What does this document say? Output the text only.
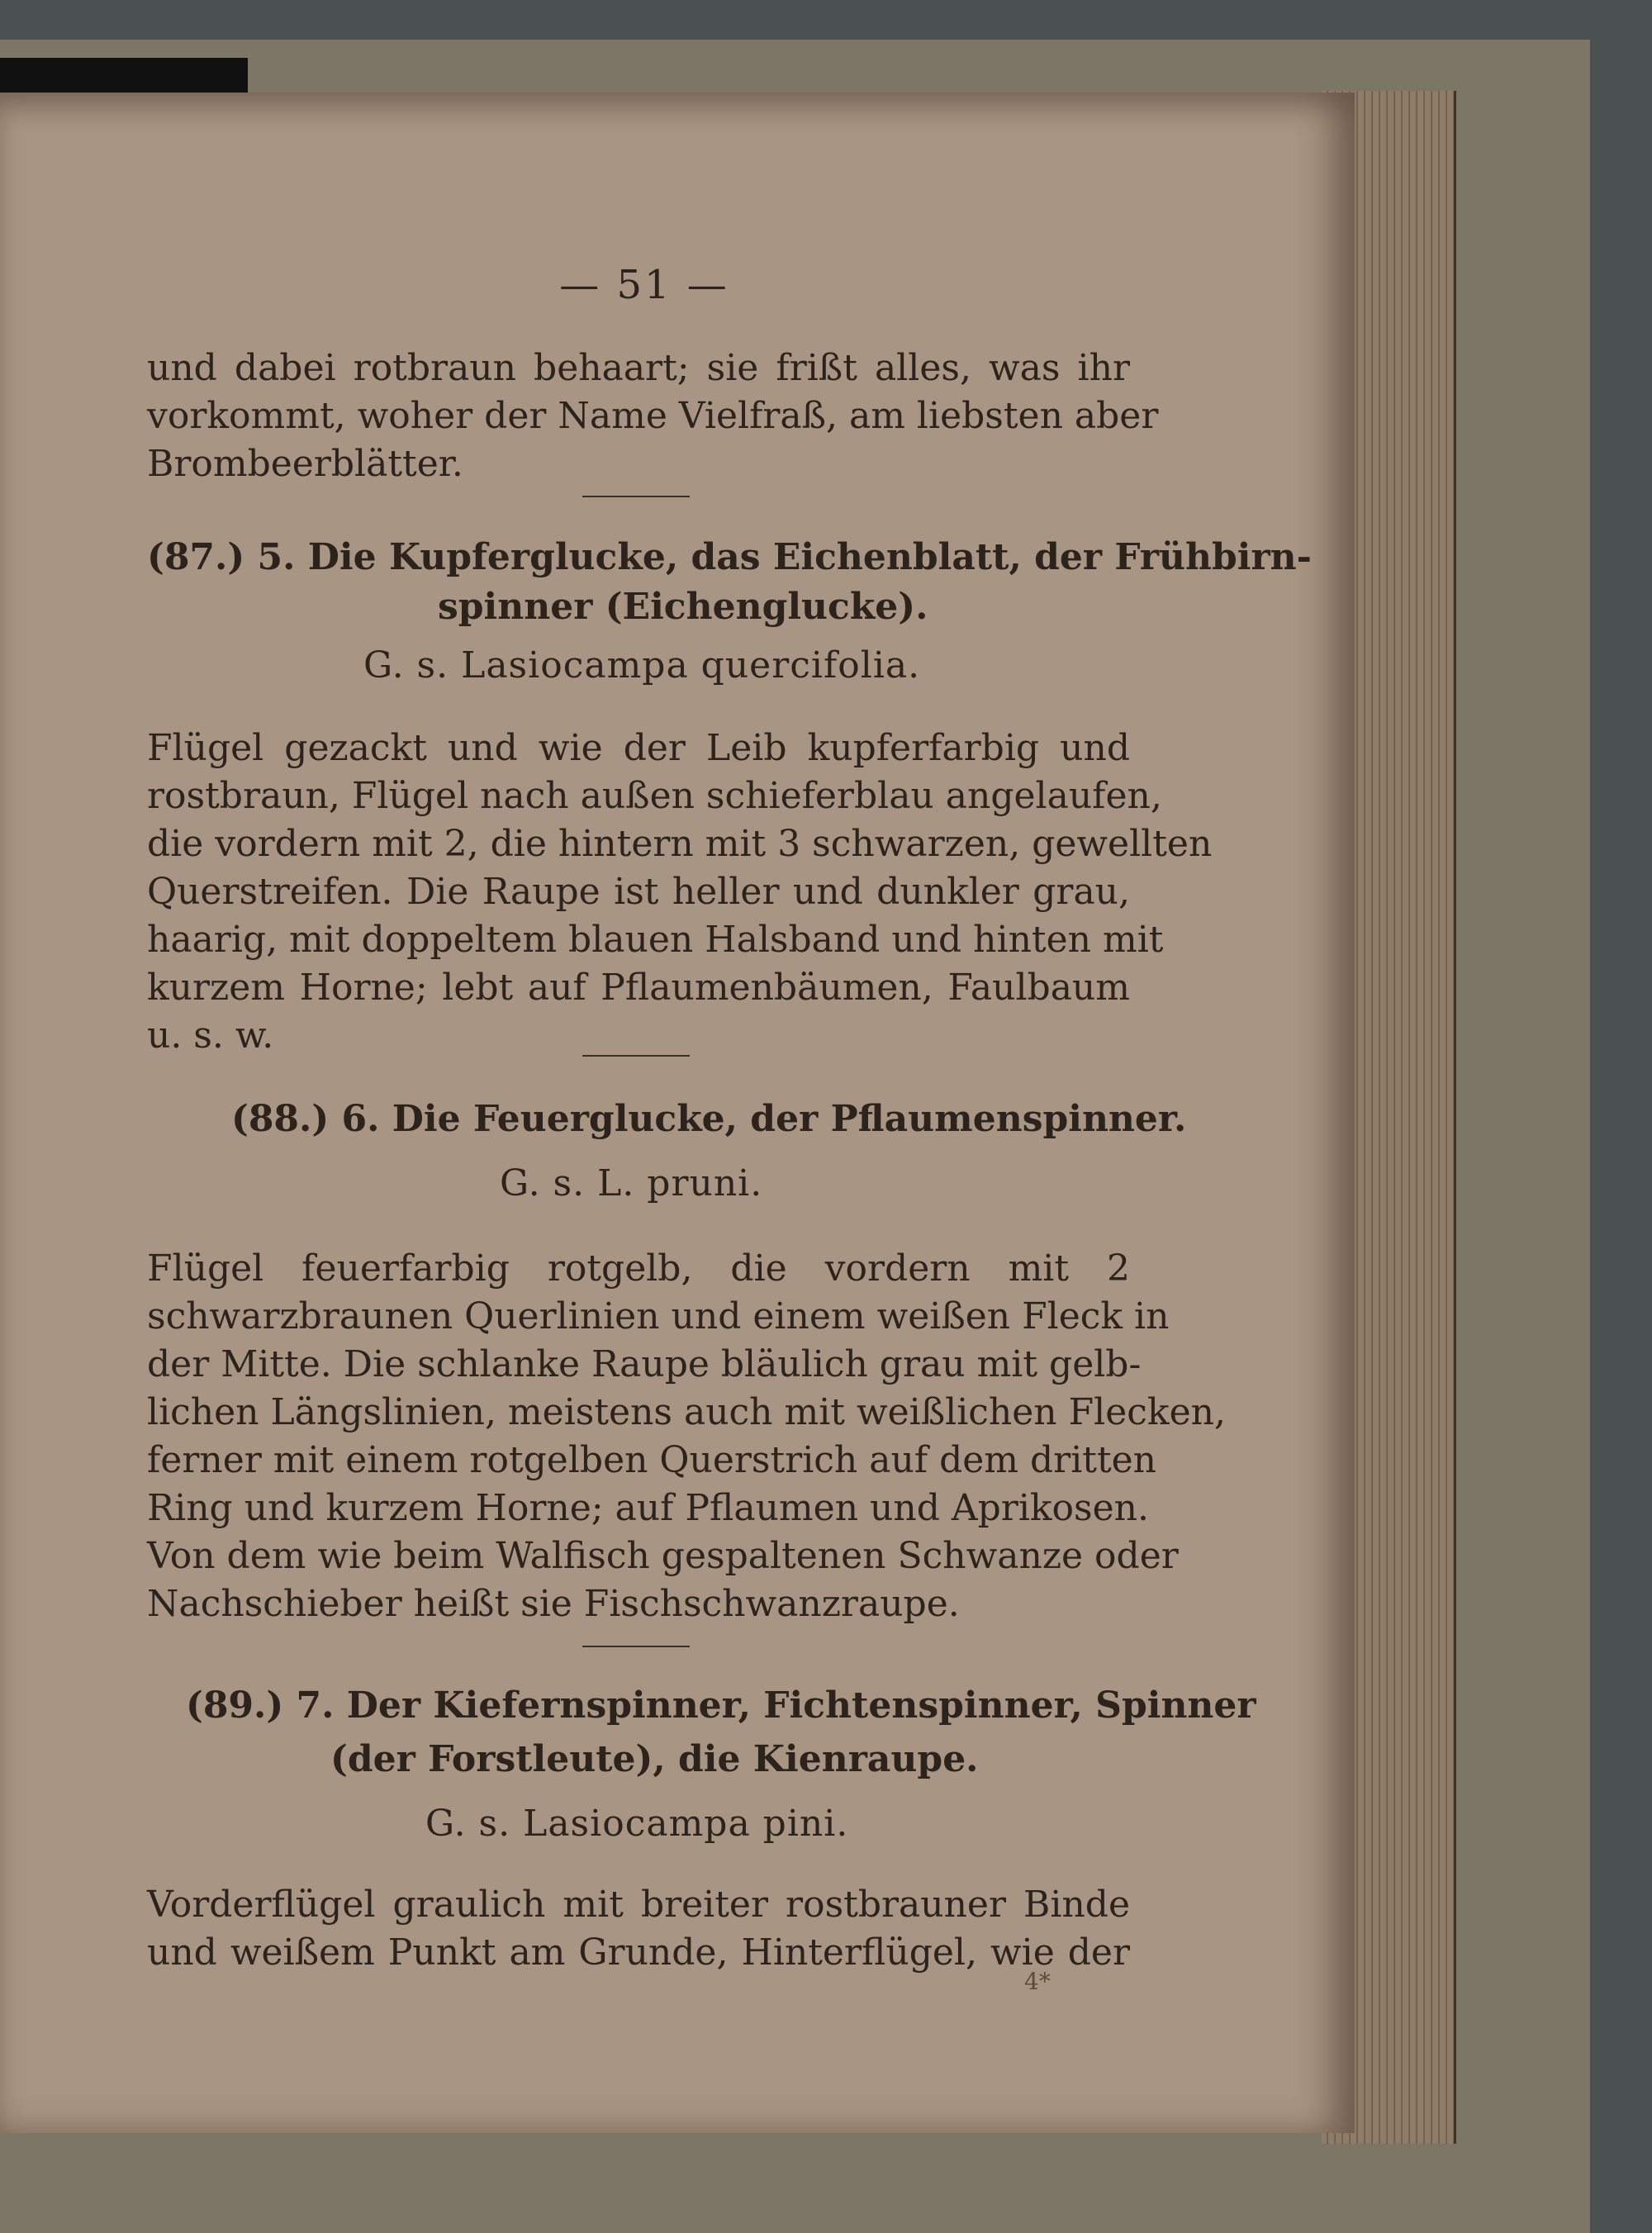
— 51 —
und dabei rotbraun behaart; sie frißt alles, was ihr
vorkommt, woher der Name Vielfraß, am liebsten aber
Brombeerblätter.
(87.) 5. Die Kupferglucke, das Eichenblatt, der Frühbirn-
spinner (Eichenglucke).
G. s. Lasiocampa quercifolia.
Flügel gezackt und wie der Leib kupferfarbig und
rostbraun, Flügel nach außen schieferblau angelaufen,
die vordern mit 2, die hintern mit 3 schwarzen, gewellten
Querstreifen. Die Raupe ist heller und dunkler grau,
haarig, mit doppeltem blauen Halsband und hinten mit
kurzem Horne; lebt auf Pflaumenbäumen, Faulbaum
u. s. w.
(88.) 6. Die Feuerglucke, der Pflaumenspinner.
G. s. L. pruni.
Flügel feuerfarbig rotgelb, die vordern mit 2
schwarzbraunen Querlinien und einem weißen Fleck in
der Mitte. Die schlanke Raupe bläulich grau mit gelb-
lichen Längslinien, meistens auch mit weißlichen Flecken,
ferner mit einem rotgelben Querstrich auf dem dritten
Ring und kurzem Horne; auf Pflaumen und Aprikosen.
Von dem wie beim Walfisch gespaltenen Schwanze oder
Nachschieber heißt sie Fischschwanzraupe.
(89.) 7. Der Kiefernspinner, Fichtenspinner, Spinner
(der Forstleute), die Kienraupe.
G. s. Lasiocampa pini.
Vorderflügel graulich mit breiter rostbrauner Binde
und weißem Punkt am Grunde, Hinterflügel, wie der
4*
